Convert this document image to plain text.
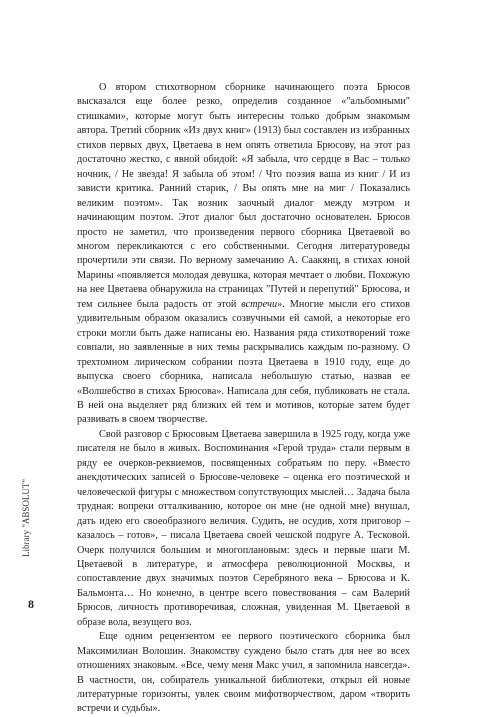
О втором стихотворном сборнике начинающего поэта Брюсов высказался еще более резко, определив созданное «"альбомными" стишками», которые могут быть интересны только добрым знакомым автора. Третий сборник «Из двух книг» (1913) был составлен из избранных стихов первых двух, Цветаева в нем опять ответила Брюсову, на этот раз достаточно жестко, с явной обидой: «Я забыла, что сердце в Вас – только ночник, / Не звезда! Я забыла об этом! / Что поэзия ваша из книг / И из зависти критика. Ранний старик, / Вы опять мне на миг / Показались великим поэтом». Так возник заочный диалог между мэтром и начинающим поэтом. Этот диалог был достаточно основателен. Брюсов просто не заметил, что произведения первого сборника Цветаевой во многом перекликаются с его собственными. Сегодня литературоведы прочертили эти связи. По верному замечанию А. Саакянц, в стихах юной Марины «появляется молодая девушка, которая мечтает о любви. Похожую на нее Цветаева обнаружила на страницах "Путей и перепутий" Брюсова, и тем сильнее была радость от этой встречи». Многие мысли его стихов удивительным образом оказались созвучными ей самой, а некоторые его строки могли быть даже написаны ею. Названия ряда стихотворений тоже совпали, но заявленные в них темы раскрывались каждым по-разному. О трехтомном лирическом собрании поэта Цветаева в 1910 году, еще до выпуска своего сборника, написала небольшую статью, назвав ее «Волшебство в стихах Брюсова». Написала для себя, публиковать не стала. В ней она выделяет ряд близких ей тем и мотивов, которые затем будет развивать в своем творчестве.

Свой разговор с Брюсовым Цветаева завершила в 1925 году, когда уже писателя не было в живых. Воспоминания «Герой труда» стали первым в ряду ее очерков-реквиемов, посвященных собратьям по перу. «Вместо анекдотических записей о Брюсове-человеке – оценка его поэтической и человеческой фигуры с множеством сопутствующих мыслей… Задача была трудная: вопреки отталкиванию, которое он мне (не одной мне) внушал, дать идею его своеобразного величия. Судить, не осудив, хотя приговор – казалось – готов», – писала Цветаева своей чешской подруге А. Тесковой. Очерк получился большим и многоплановым: здесь и первые шаги М. Цветаевой в литературе, и атмосфера революционной Москвы, и сопоставление двух значимых поэтов Серебряного века – Брюсова и К. Бальмонта… Но конечно, в центре всего повествования – сам Валерий Брюсов, личность противоречивая, сложная, увиденная М. Цветаевой в образе вола, везущего воз.

Еще одним рецензентом ее первого поэтического сборника был Максимилиан Волошин. Знакомству суждено было стать для нее во всех отношениях знаковым. «Все, чему меня Макс учил, я запомнила навсегда». В частности, он, собиратель уникальной библиотеки, открыл ей новые литературные горизонты, увлек своим мифотворчеством, даром «творить встречи и судьбы».

Library "ABSOLUT"
8
